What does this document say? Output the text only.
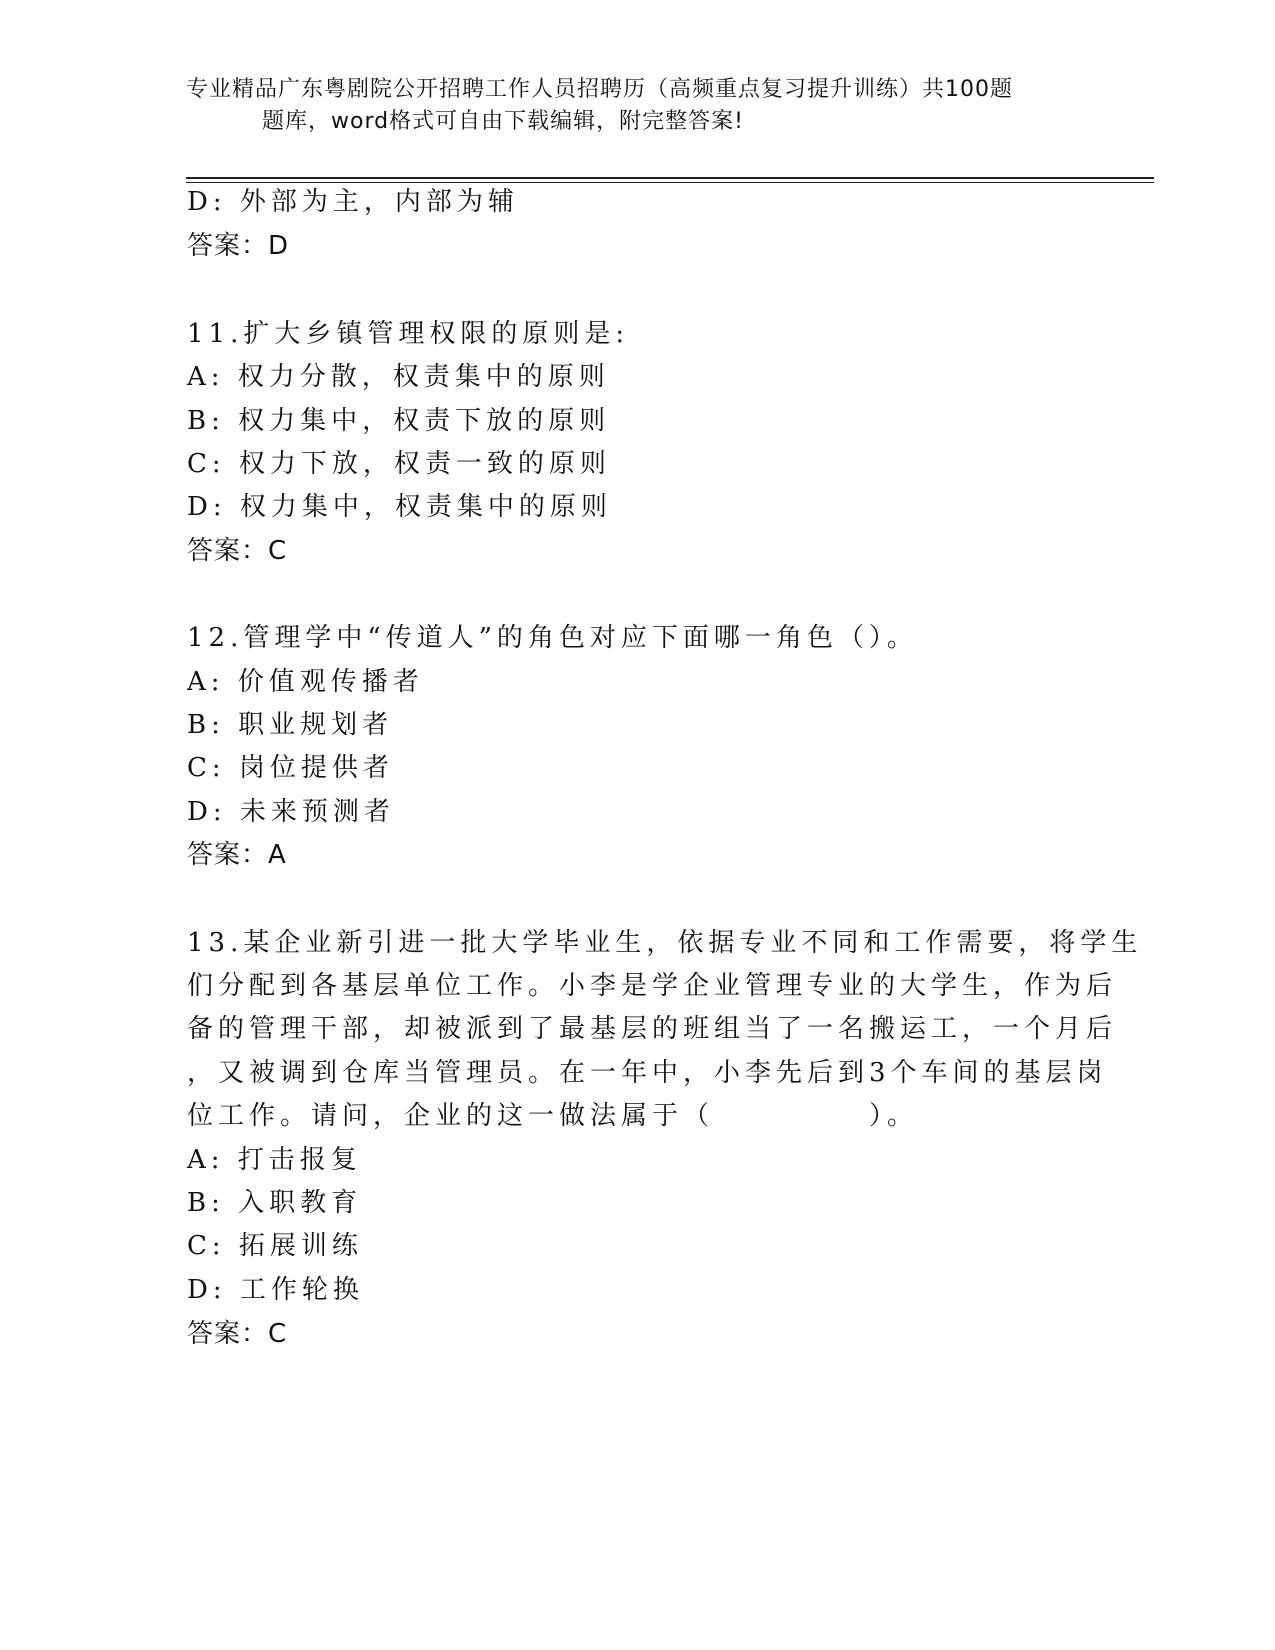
专业精品广东粤剧院公开招聘工作人员招聘历（高频重点复习提升训练）共100题
题库，word格式可自由下载编辑，附完整答案!
D: 外部为主，内部为辅
答案：D
11.扩大乡镇管理权限的原则是:
A: 权力分散，权责集中的原则
B: 权力集中，权责下放的原则
C: 权力下放，权责一致的原则
D: 权力集中，权责集中的原则
答案：C
12.管理学中“传道人”的角色对应下面哪一角色（）。
A: 价值观传播者
B: 职业规划者
C: 岗位提供者
D: 未来预测者
答案：A
13.某企业新引进一批大学毕业生，依据专业不同和工作需要，将学生
们分配到各基层单位工作。小李是学企业管理专业的大学生，作为后
备的管理干部，却被派到了最基层的班组当了一名搬运工，一个月后
，又被调到仓库当管理员。在一年中，小李先后到3个车间的基层岗
位工作。请问，企业的这一做法属于（　　　　　）。
A: 打击报复
B: 入职教育
C: 拓展训练
D: 工作轮换
答案：C
